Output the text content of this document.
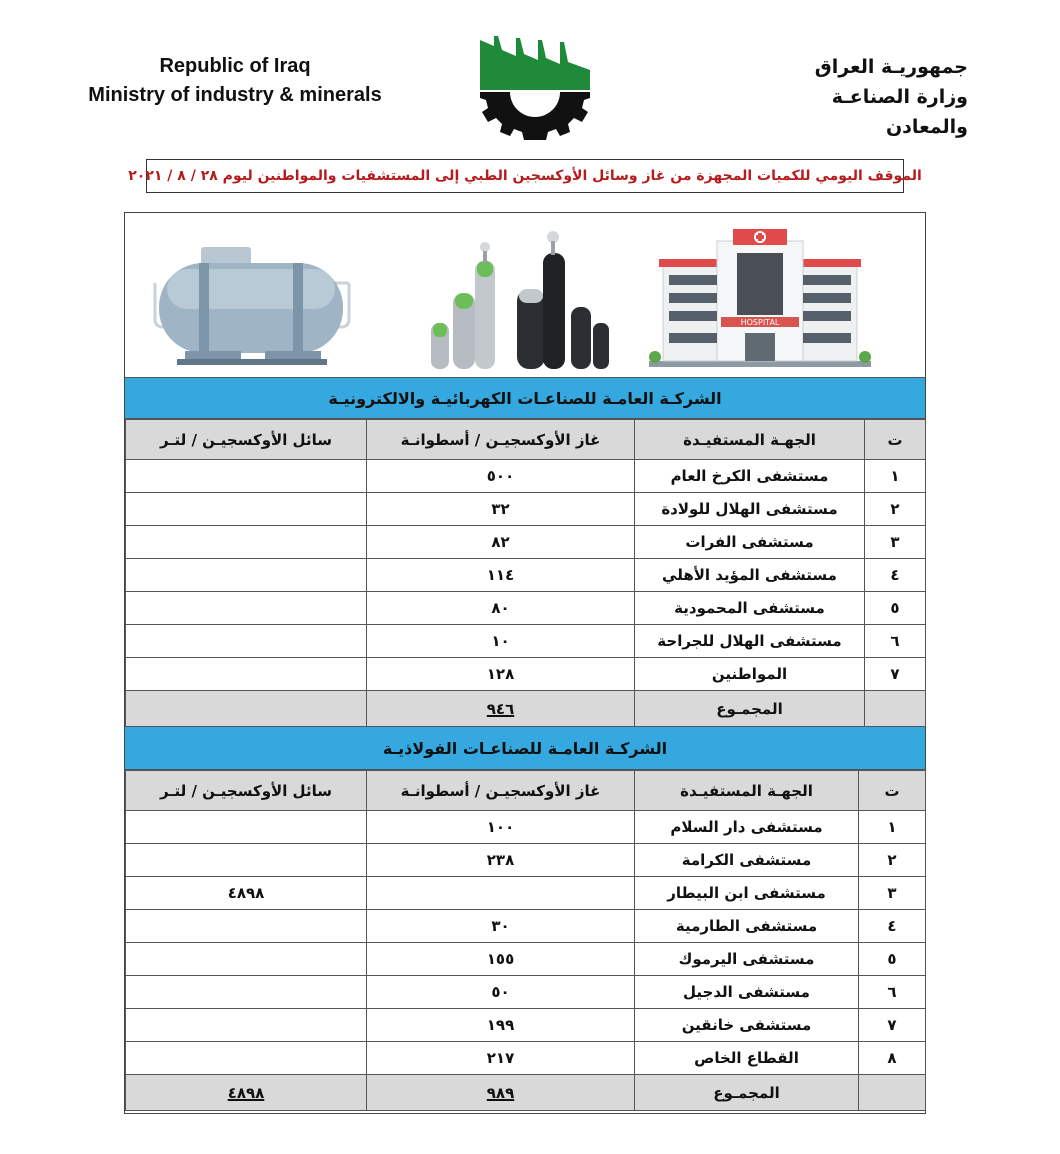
Republic of Iraq
Ministry of industry & minerals
جمهوريـة العراق
وزارة الصناعـة والمعادن
الموقف اليومي للكميات المجهزة من غاز وسائل الأوكسجين الطبي إلى المستشفيات والمواطنين ليوم ٢٨ / ٨ / ٢٠٢١
HOSPITAL
الشركـة العامـة للصناعـات الكهربائيـة والالكترونيـة
ت	الجهـة المستفيـدة	غاز الأوكسجيـن / أسطوانـة	سائل الأوكسجيـن / لتـر
١	مستشفى الكرخ العام	٥٠٠	
٢	مستشفى الهلال للولادة	٣٢	
٣	مستشفى الفرات	٨٢	
٤	مستشفى المؤيد الأهلي	١١٤	
٥	مستشفى المحمودية	٨٠	
٦	مستشفى الهلال للجراحة	١٠	
٧	المواطنين	١٢٨	
	المجمـوع	٩٤٦	
الشركـة العامـة للصناعـات الفولاذيـة
ت	الجهـة المستفيـدة	غاز الأوكسجيـن / أسطوانـة	سائل الأوكسجيـن / لتـر
١	مستشفى دار السلام	١٠٠	
٢	مستشفى الكرامة	٢٣٨	
٣	مستشفى ابن البيطار		٤٨٩٨
٤	مستشفى الطارمية	٣٠	
٥	مستشفى اليرموك	١٥٥	
٦	مستشفى الدجيل	٥٠	
٧	مستشفى خانقين	١٩٩	
٨	القطاع الخاص	٢١٧	
	المجمـوع	٩٨٩	٤٨٩٨
